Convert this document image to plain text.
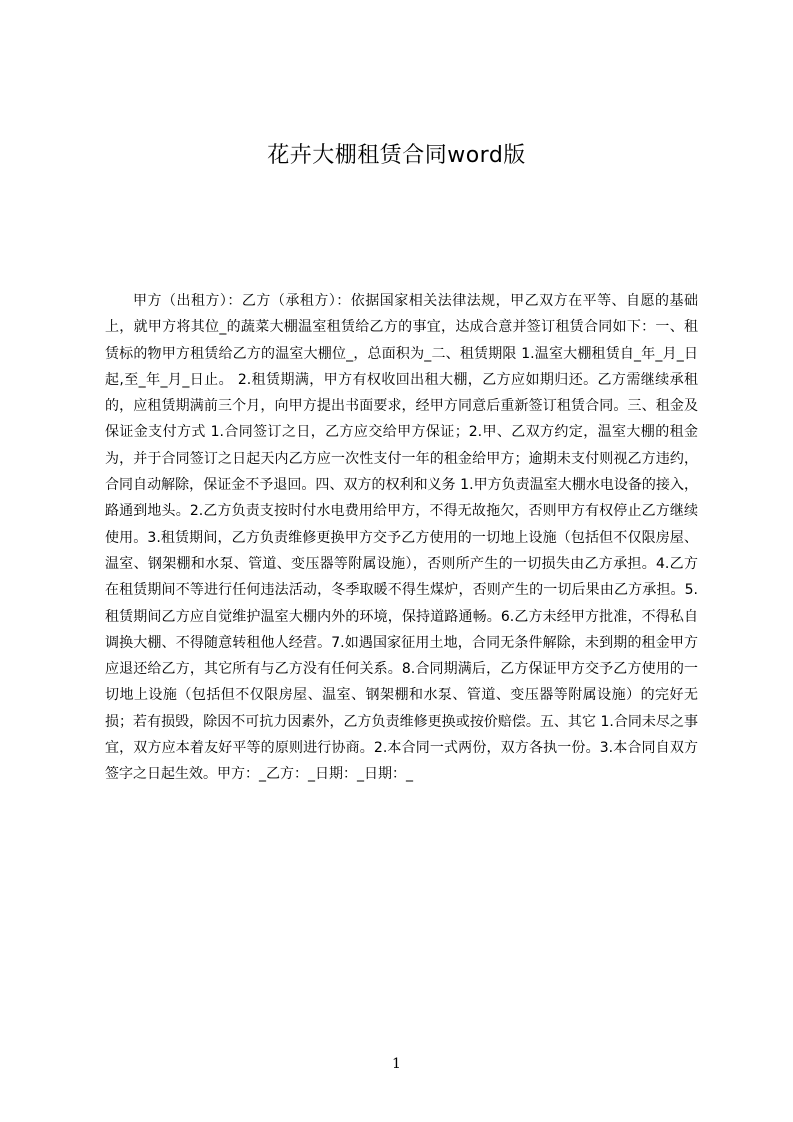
花卉大棚租赁合同word版

甲方（出租方）：乙方（承租方）：依据国家相关法律法规，甲乙双方在平等、自愿的基础上，就甲方将其位_的蔬菜大棚温室租赁给乙方的事宜，达成合意并签订租赁合同如下：一、租赁标的物甲方租赁给乙方的温室大棚位_，总面积为_二、租赁期限 1.温室大棚租赁自_年_月_日起,至_年_月_日止。 2.租赁期满，甲方有权收回出租大棚，乙方应如期归还。乙方需继续承租的，应租赁期满前三个月，向甲方提出书面要求，经甲方同意后重新签订租赁合同。三、租金及保证金支付方式 1.合同签订之日，乙方应交给甲方保证；2.甲、乙双方约定，温室大棚的租金为，并于合同签订之日起天内乙方应一次性支付一年的租金给甲方；逾期未支付则视乙方违约，合同自动解除，保证金不予退回。四、双方的权利和义务 1.甲方负责温室大棚水电设备的接入，路通到地头。2.乙方负责支按时付水电费用给甲方，不得无故拖欠，否则甲方有权停止乙方继续使用。3.租赁期间，乙方负责维修更换甲方交予乙方使用的一切地上设施（包括但不仅限房屋、温室、钢架棚和水泵、管道、变压器等附属设施），否则所产生的一切损失由乙方承担。4.乙方在租赁期间不等进行任何违法活动，冬季取暖不得生煤炉，否则产生的一切后果由乙方承担。5.租赁期间乙方应自觉维护温室大棚内外的环境，保持道路通畅。6.乙方未经甲方批准，不得私自调换大棚、不得随意转租他人经营。7.如遇国家征用土地，合同无条件解除，未到期的租金甲方应退还给乙方，其它所有与乙方没有任何关系。8.合同期满后，乙方保证甲方交予乙方使用的一切地上设施（包括但不仅限房屋、温室、钢架棚和水泵、管道、变压器等附属设施）的完好无损；若有损毁，除因不可抗力因素外，乙方负责维修更换或按价赔偿。五、其它 1.合同未尽之事宜，双方应本着友好平等的原则进行协商。2.本合同一式两份，双方各执一份。3.本合同自双方签字之日起生效。甲方：_乙方：_日期：_日期：_

1
